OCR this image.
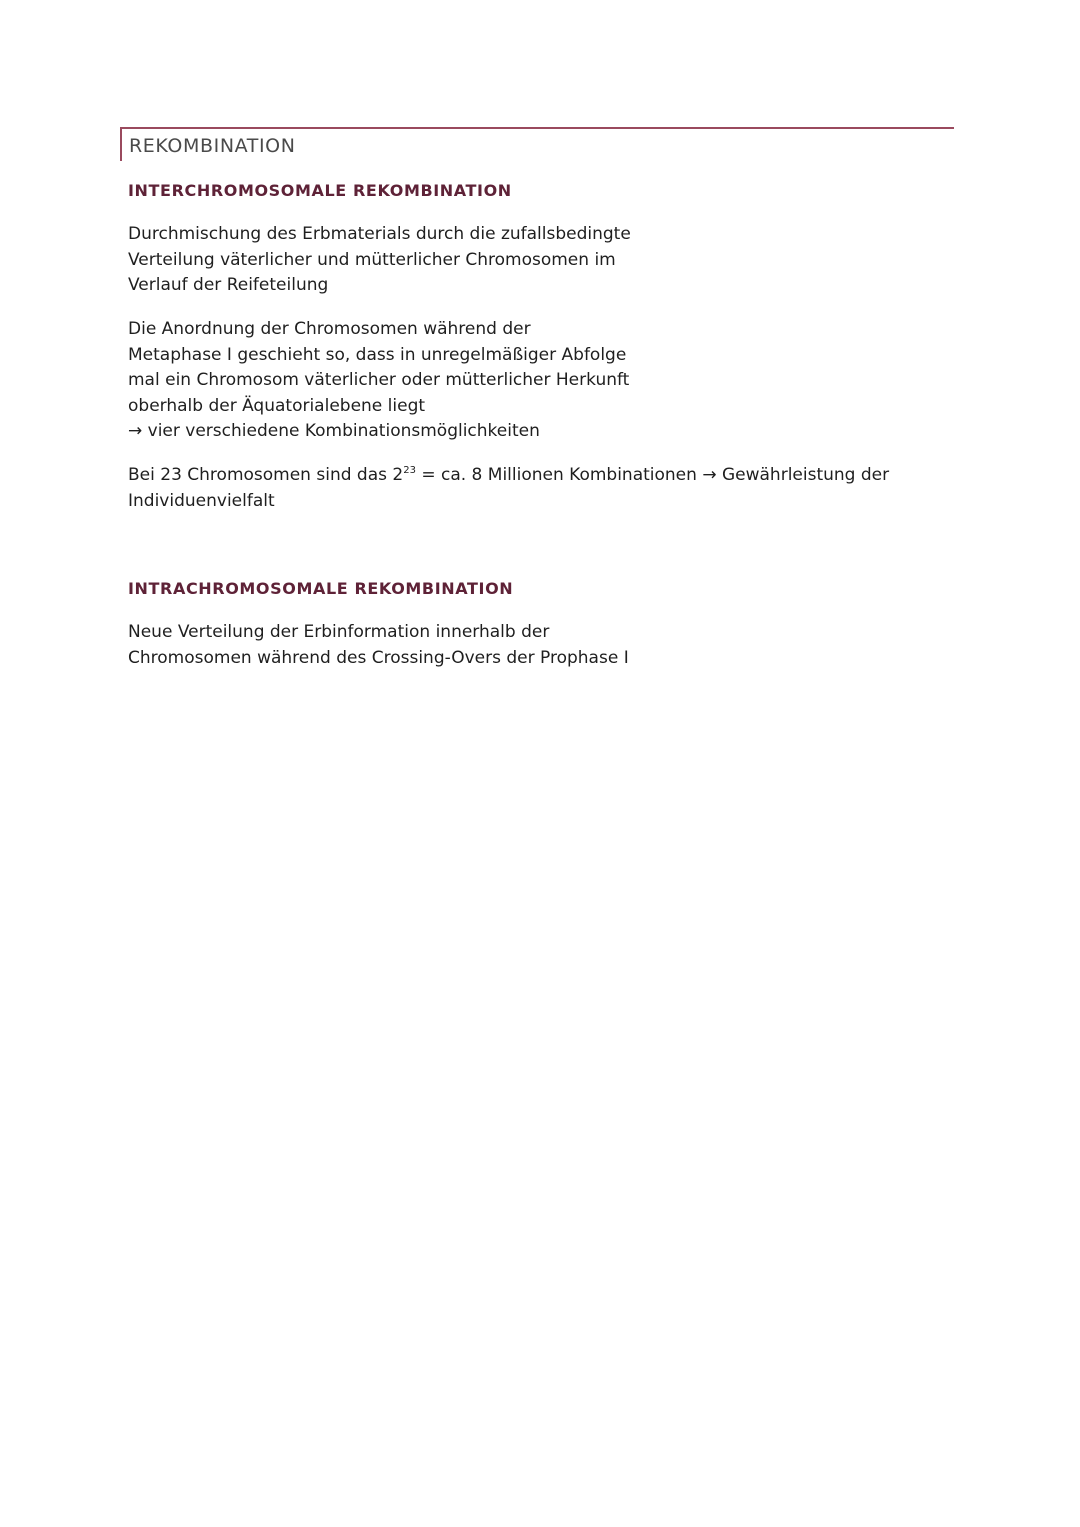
REKOMBINATION
INTERCHROMOSOMALE REKOMBINATION
Durchmischung des Erbmaterials durch die zufallsbedingte
Verteilung väterlicher und mütterlicher Chromosomen im
Verlauf der Reifeteilung
Die Anordnung der Chromosomen während der
Metaphase I geschieht so, dass in unregelmäßiger Abfolge
mal ein Chromosom väterlicher oder mütterlicher Herkunft
oberhalb der Äquatorialebene liegt
→ vier verschiedene Kombinationsmöglichkeiten
Bei 23 Chromosomen sind das $2^{23}$ = ca. 8 Millionen Kombinationen → Gewährleistung der
Individuenvielfalt
INTRACHROMOSOMALE REKOMBINATION
Neue Verteilung der Erbinformation innerhalb der
Chromosomen während des Crossing-Overs der Prophase I
